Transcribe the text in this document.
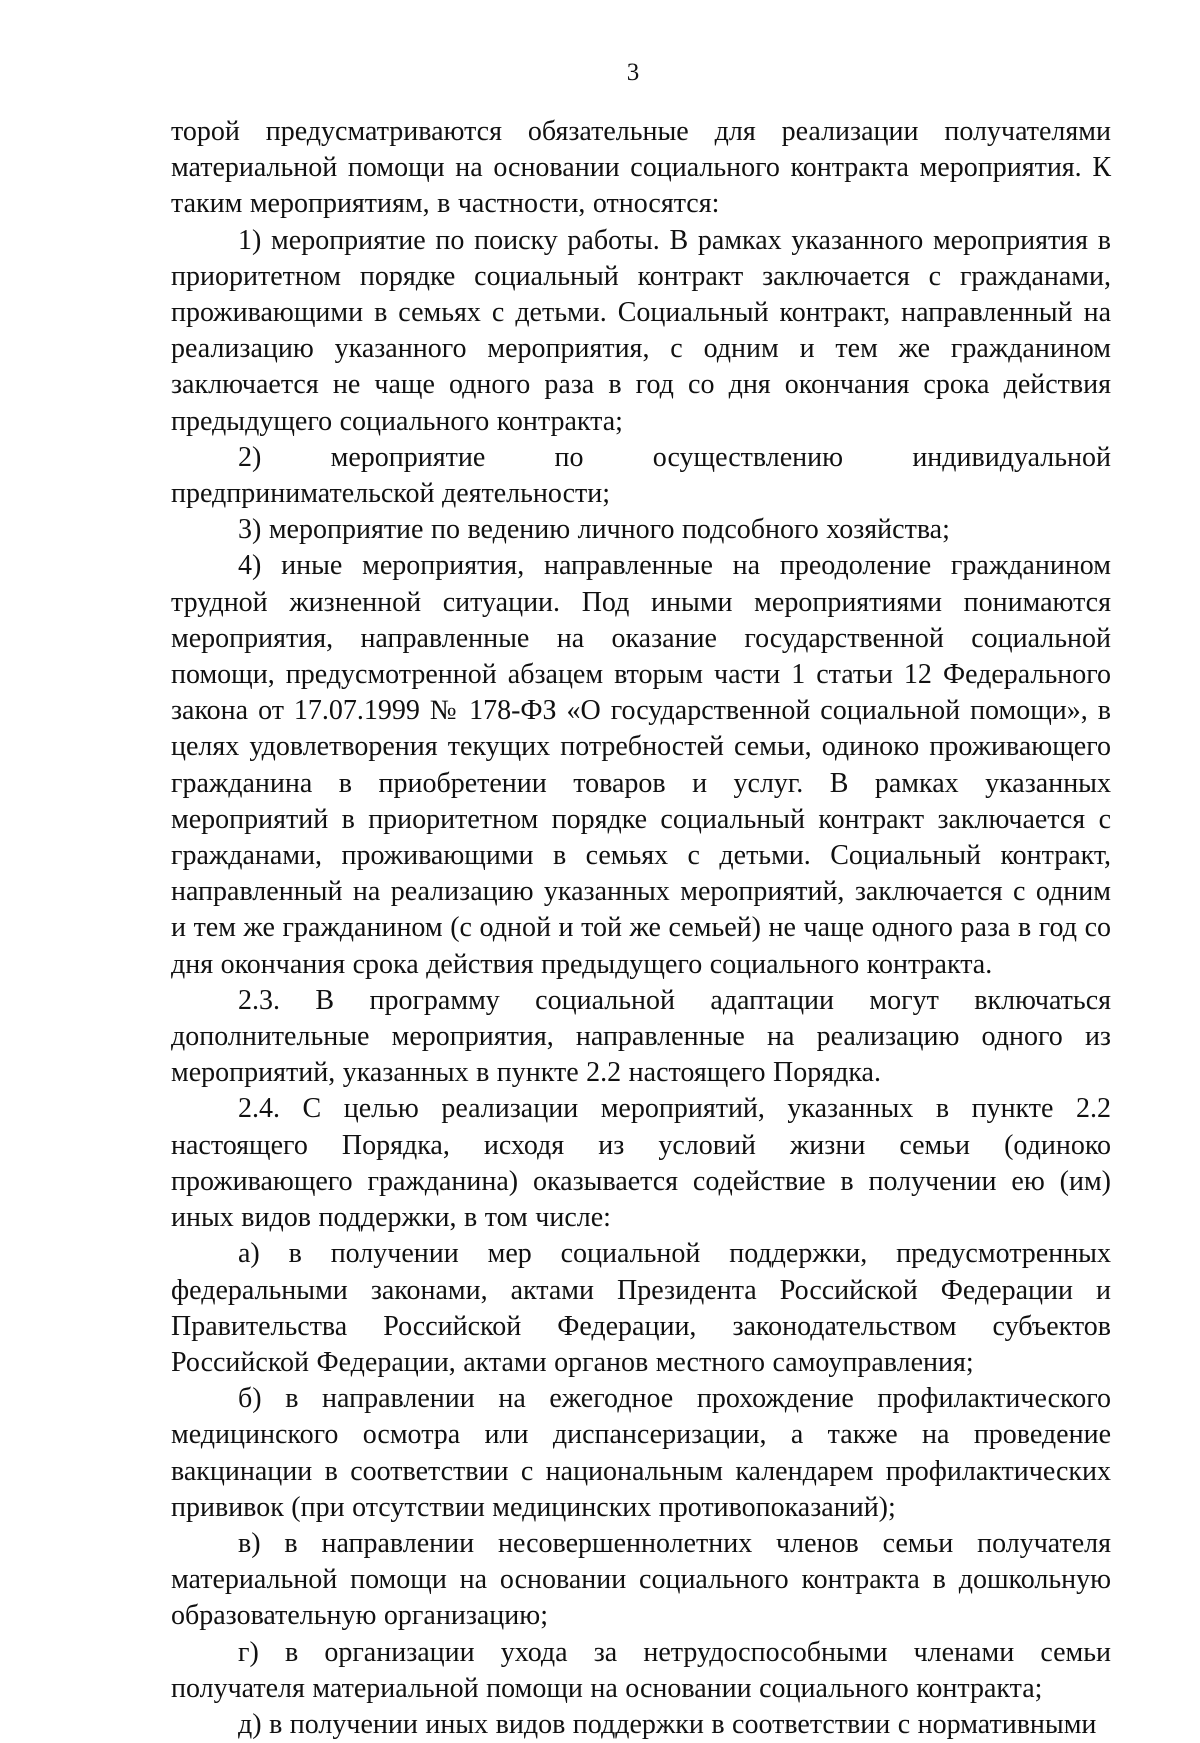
3

торой предусматриваются обязательные для реализации получателями материальной помощи на основании социального контракта мероприятия. К таким мероприятиям, в частности, относятся:

1) мероприятие по поиску работы. В рамках указанного мероприятия в приоритетном порядке социальный контракт заключается с гражданами, проживающими в семьях с детьми. Социальный контракт, направленный на реализацию указанного мероприятия, с одним и тем же гражданином заключается не чаще одного раза в год со дня окончания срока действия предыдущего социального контракта;

2) мероприятие по осуществлению индивидуальной предпринимательской деятельности;

3) мероприятие по ведению личного подсобного хозяйства;

4) иные мероприятия, направленные на преодоление гражданином трудной жизненной ситуации. Под иными мероприятиями понимаются мероприятия, направленные на оказание государственной социальной помощи, предусмотренной абзацем вторым части 1 статьи 12 Федерального закона от 17.07.1999 № 178-ФЗ «О государственной социальной помощи», в целях удовлетворения текущих потребностей семьи, одиноко проживающего гражданина в приобретении товаров и услуг. В рамках указанных мероприятий в приоритетном порядке социальный контракт заключается с гражданами, проживающими в семьях с детьми. Социальный контракт, направленный на реализацию указанных мероприятий, заключается с одним и тем же гражданином (с одной и той же семьей) не чаще одного раза в год со дня окончания срока действия предыдущего социального контракта.

2.3. В программу социальной адаптации могут включаться дополнительные мероприятия, направленные на реализацию одного из мероприятий, указанных в пункте 2.2 настоящего Порядка.

2.4. С целью реализации мероприятий, указанных в пункте 2.2 настоящего Порядка, исходя из условий жизни семьи (одиноко проживающего гражданина) оказывается содействие в получении ею (им) иных видов поддержки, в том числе:

а) в получении мер социальной поддержки, предусмотренных федеральными законами, актами Президента Российской Федерации и Правительства Российской Федерации, законодательством субъектов Российской Федерации, актами органов местного самоуправления;

б) в направлении на ежегодное прохождение профилактического медицинского осмотра или диспансеризации, а также на проведение вакцинации в соответствии с национальным календарем профилактических прививок (при отсутствии медицинских противопоказаний);

в) в направлении несовершеннолетних членов семьи получателя материальной помощи на основании социального контракта в дошкольную образовательную организацию;

г) в организации ухода за нетрудоспособными членами семьи получателя материальной помощи на основании социального контракта;

д) в получении иных видов поддержки в соответствии с нормативными
